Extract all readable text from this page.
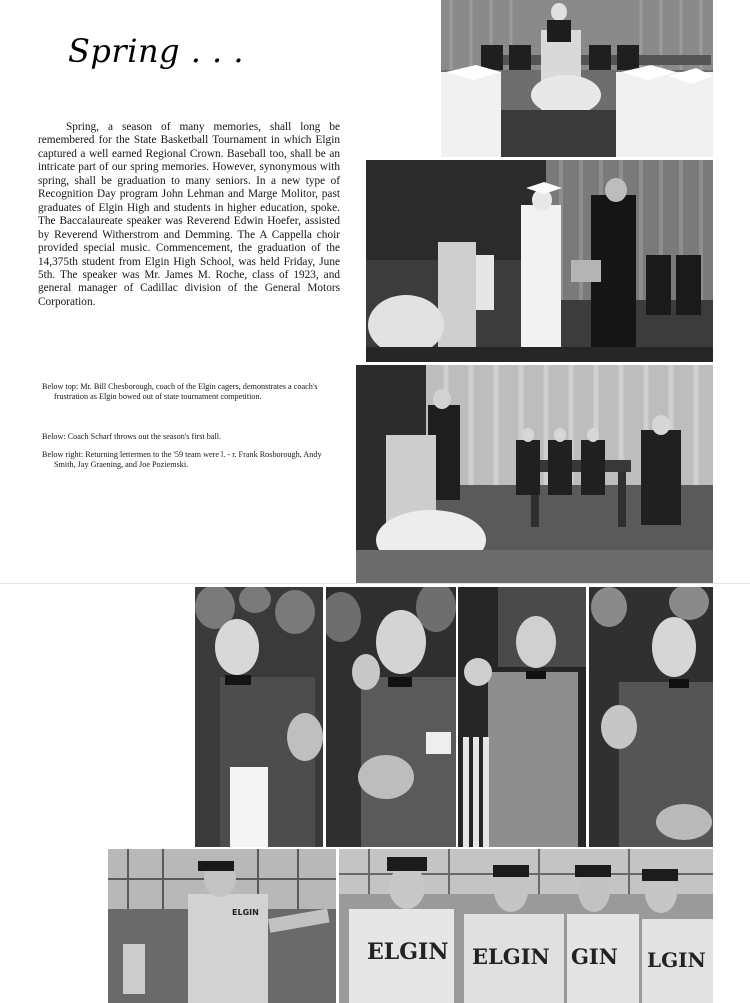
Spring . . .

Spring, a season of many memories, shall long be remembered for the State Basketball Tournament in which Elgin captured a well earned Regional Crown. Baseball too, shall be an intricate part of our spring memories. However, synonymous with spring, shall be graduation to many seniors. In a new type of Recognition Day program John Lehman and Marge Molitor, past graduates of Elgin High and students in higher education, spoke. The Baccalaureate speaker was Reverend Edwin Hoefer, assisted by Reverend Witherstrom and Demming. The A Cappella choir provided special music. Commencement, the graduation of the 14,375th student from Elgin High School, was held Friday, June 5th. The speaker was Mr. James M. Roche, class of 1923, and general manager of Cadillac division of the General Motors Corporation.

Below top: Mr. Bill Chesborough, coach of the Elgin cagers, demonstrates a coach's frustration as Elgin bowed out of state tournament competition.

Below: Coach Scharf throws out the season's first ball.

Below right: Returning lettermen to the '59 team were l. - r. Frank Rosborough, Andy Smith, Jay Graening, and Joe Poziemski.

ELGIN
ELGIN ELGIN GIN LGIN
